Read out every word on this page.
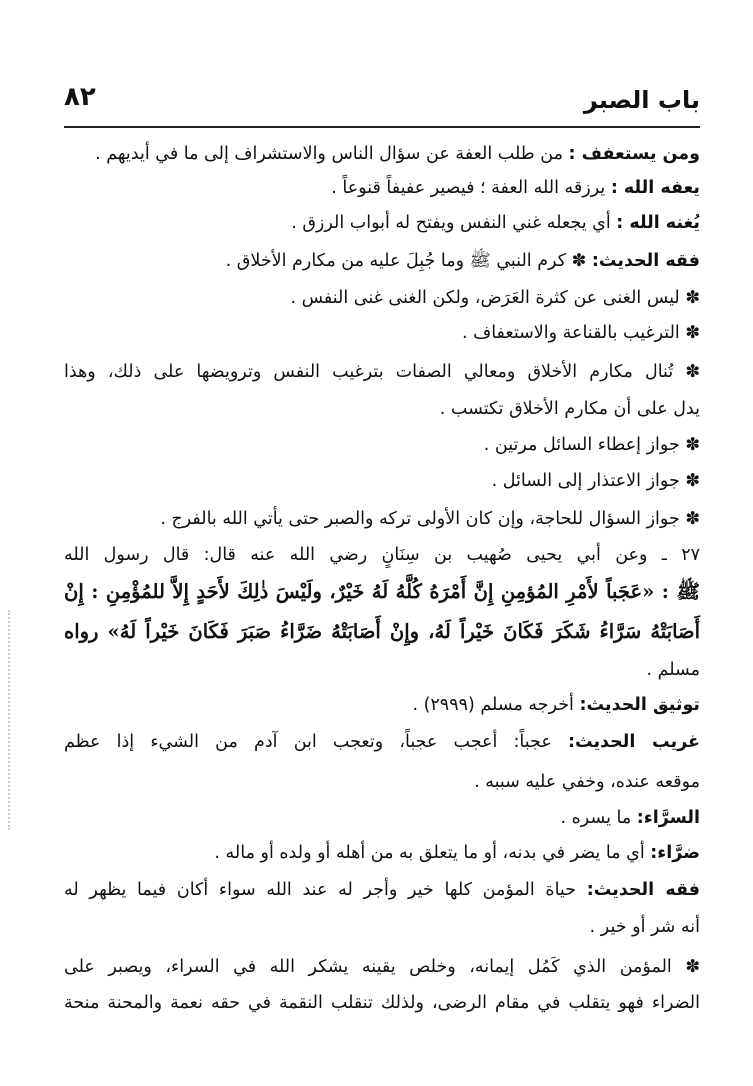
باب الصبر
٨٢
ومن يستعفف : من طلب العفة عن سؤال الناس والاستشراف إلى ما في أيديهم .
يعفه الله : يرزقه الله العفة ؛ فيصير عفيفاً قنوعاً .
يُغنه الله : أي يجعله غني النفس ويفتح له أبواب الرزق .
فقه الحديث: ✽ كرم النبي ﷺ وما جُبِلَ عليه من مكارم الأخلاق .
✽ ليس الغنى عن كثرة العَرَض، ولكن الغنى غنى النفس .
✽ الترغيب بالقناعة والاستعفاف .
✽ تُنال مكارم الأخلاق ومعالي الصفات بترغيب النفس وترويضها على ذلك، وهذا
يدل على أن مكارم الأخلاق تكتسب .
✽ جواز إعطاء السائل مرتين .
✽ جواز الاعتذار إلى السائل .
✽ جواز السؤال للحاجة، وإن كان الأولى تركه والصبر حتى يأتي الله بالفرج .
٢٧ ـ وعن أبي يحيى صُهيب بن سِنَانٍ رضي الله عنه قال: قال رسول الله
ﷺ : «عَجَباً لأَمْرِ المُؤمِنِ إِنَّ أَمْرَهُ كُلَّهُ لَهُ خَيْرٌ، ولَيْسَ ذٰلِكَ لأَحَدٍ إِلاَّ للمُؤْمِنِ : إِنْ
أَصَابَتْهُ سَرَّاءُ شَكَرَ فَكَانَ خَيْراً لَهُ، وإِنْ أَصَابَتْهُ ضَرَّاءُ صَبَرَ فَكَانَ خَيْراً لَهُ» رواه
مسلم .
توثيق الحديث: أخرجه مسلم (٢٩٩٩) .
غريب الحديث: عجباً: أعجب عجباً، وتعجب ابن آدم من الشيء إذا عظم
موقعه عنده، وخفي عليه سببه .
السرَّاء: ما يسره .
ضرَّاء: أي ما يضر في بدنه، أو ما يتعلق به من أهله أو ولده أو ماله .
فقه الحديث: حياة المؤمن كلها خير وأجر له عند الله سواء أكان فيما يظهر له
أنه شر أو خير .
✽ المؤمن الذي كَمُل إيمانه، وخلص يقينه يشكر الله في السراء، ويصبر على
الضراء فهو يتقلب في مقام الرضى، ولذلك تنقلب النقمة في حقه نعمة والمحنة منحة
